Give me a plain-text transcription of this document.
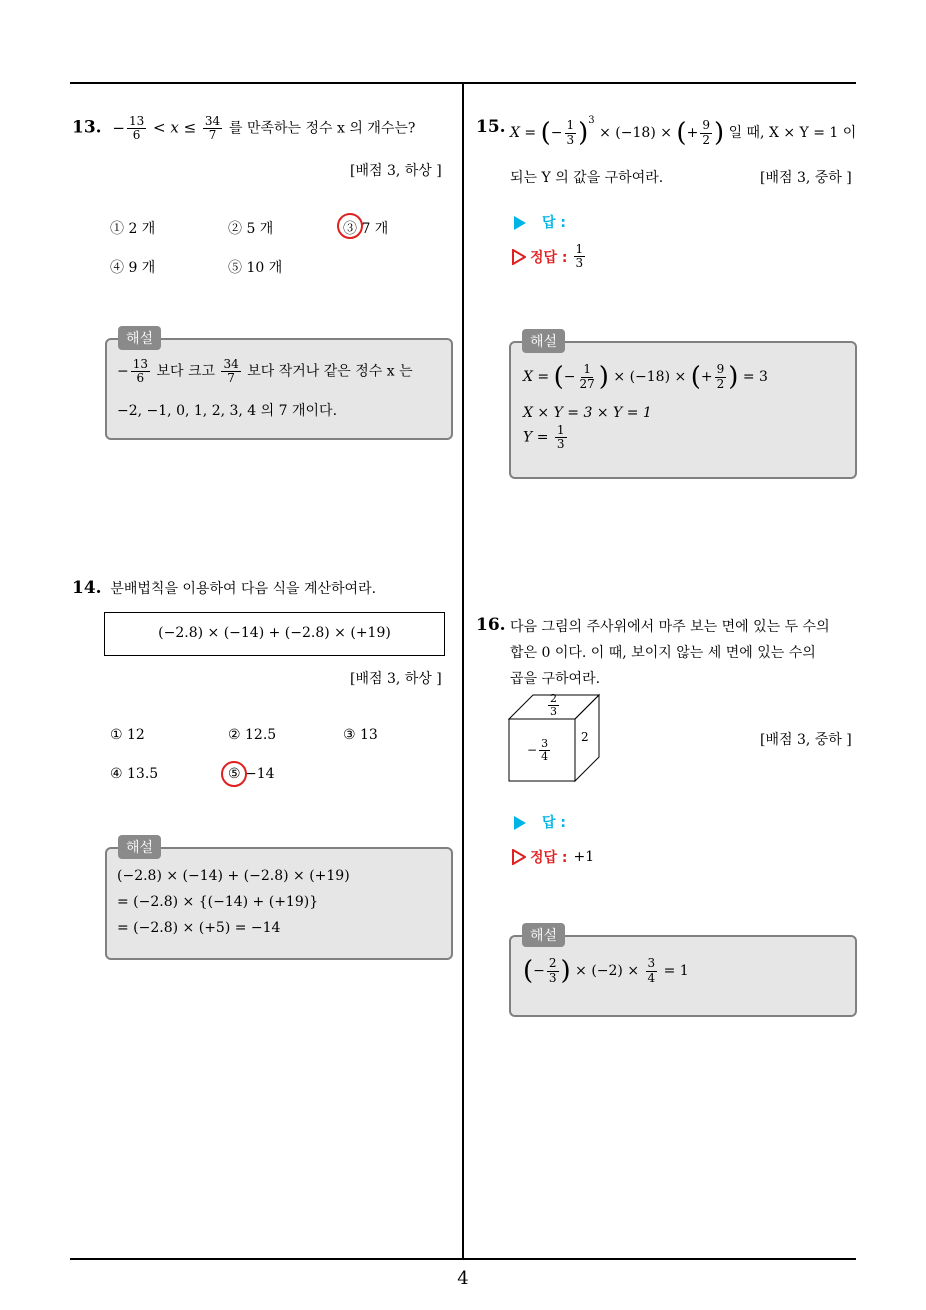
13. − $\frac{13}{6} < x \le \frac{34}{7}$ 를 만족하는 정수 x 의 개수는?
[배점 3, 하상 ]
① 2 개	② 5 개	③ 7 개
④ 9 개	⑤ 10 개
해설
− $\frac{13}{6}$ 보다 크고 $\frac{34}{7}$ 보다 작거나 같은 정수 x 는
−2, −1, 0, 1, 2, 3, 4 의 7 개이다.
14. 분배법칙을 이용하여 다음 식을 계산하여라.
(−2.8) × (−14) + (−2.8) × (+19)
[배점 3, 하상 ]
① 12	② 12.5	③ 13
④ 13.5	⑤ −14
해설
(−2.8) × (−14) + (−2.8) × (+19)
= (−2.8) × {(−14) + (+19)}
= (−2.8) × (+5) = −14
15. X = (− $\frac{1}{3} )^3 \times (-18)$ × (+ $\frac{9}{2}$ ) 일 때, X × Y = 1 이
되는 Y 의 값을 구하여라.	[배점 3, 중하 ]
답 :
정답 : $\frac{1}{3}$
해설
X = (− $\frac{1}{27}$ ) × (−18) × (+ $\frac{9}{2}$ ) = 3
X × Y = 3 × Y = 1
$Y = \frac{1}{3}$
16. 다음 그림의 주사위에서 마주 보는 면에 있는 두 수의
합은 0 이다. 이 때, 보이지 않는 세 면에 있는 수의
곱을 구하여라.
$\frac{2}{3}$
− $\frac{3}{4}$
2	[배점 3, 중하 ]
답 :
정답 : +1
해설
(− $\frac{2}{3}$ ) × $(-2) \times \frac{3}{4} = 1$
4
